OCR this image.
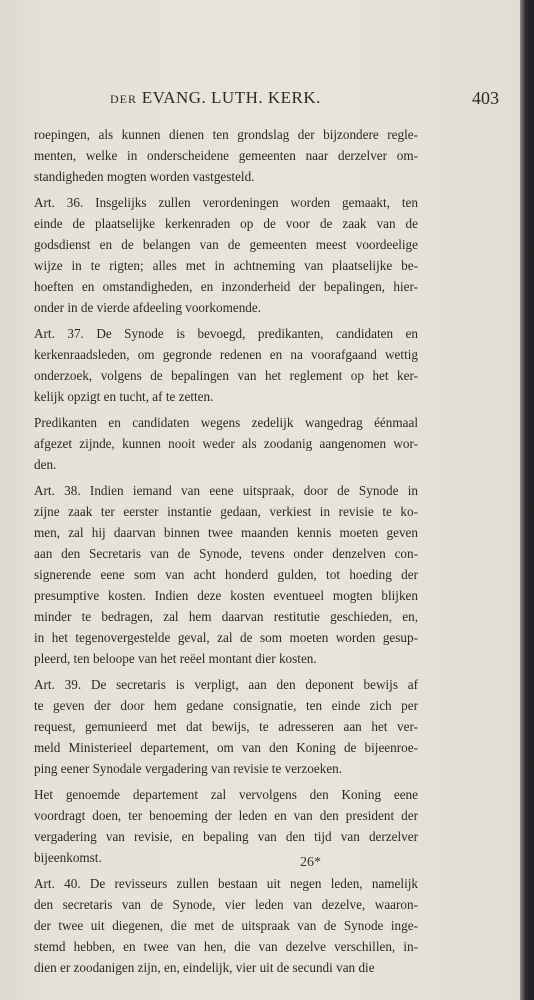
DER EVANG. LUTH. KERK.	403
roepingen, als kunnen dienen ten grondslag der bijzondere regle-
menten, welke in onderscheidene gemeenten naar derzelver om-
standigheden mogten worden vastgesteld.
Art. 36. Insgelijks zullen verordeningen worden gemaakt, ten
einde de plaatselijke kerkenraden op de voor de zaak van de
godsdienst en de belangen van de gemeenten meest voordeelige
wijze in te rigten; alles met in achtneming van plaatselijke be-
hoeften en omstandigheden, en inzonderheid der bepalingen, hier-
onder in de vierde afdeeling voorkomende.
Art. 37. De Synode is bevoegd, predikanten, candidaten en
kerkenraadsleden, om gegronde redenen en na voorafgaand wettig
onderzoek, volgens de bepalingen van het reglement op het ker-
kelijk opzigt en tucht, af te zetten.
Predikanten en candidaten wegens zedelijk wangedrag éénmaal
afgezet zijnde, kunnen nooit weder als zoodanig aangenomen wor-
den.
Art. 38. Indien iemand van eene uitspraak, door de Synode in
zijne zaak ter eerster instantie gedaan, verkiest in revisie te ko-
men, zal hij daarvan binnen twee maanden kennis moeten geven
aan den Secretaris van de Synode, tevens onder denzelven con-
signerende eene som van acht honderd gulden, tot hoeding der
presumptive kosten. Indien deze kosten eventueel mogten blijken
minder te bedragen, zal hem daarvan restitutie geschieden, en,
in het tegenovergestelde geval, zal de som moeten worden gesup-
pleerd, ten beloope van het reëel montant dier kosten.
Art. 39. De secretaris is verpligt, aan den deponent bewijs af
te geven der door hem gedane consignatie, ten einde zich per
request, gemunieerd met dat bewijs, te adresseren aan het ver-
meld Ministerieel departement, om van den Koning de bijeenroe-
ping eener Synodale vergadering van revisie te verzoeken.
Het genoemde departement zal vervolgens den Koning eene
voordragt doen, ter benoeming der leden en van den president der
vergadering van revisie, en bepaling van den tijd van derzelver
bijeenkomst.
Art. 40. De revisseurs zullen bestaan uit negen leden, namelijk
den secretaris van de Synode, vier leden van dezelve, waaron-
der twee uit diegenen, die met de uitspraak van de Synode inge-
stemd hebben, en twee van hen, die van dezelve verschillen, in-
dien er zoodanigen zijn, en, eindelijk, vier uit de secundi van die
26*
